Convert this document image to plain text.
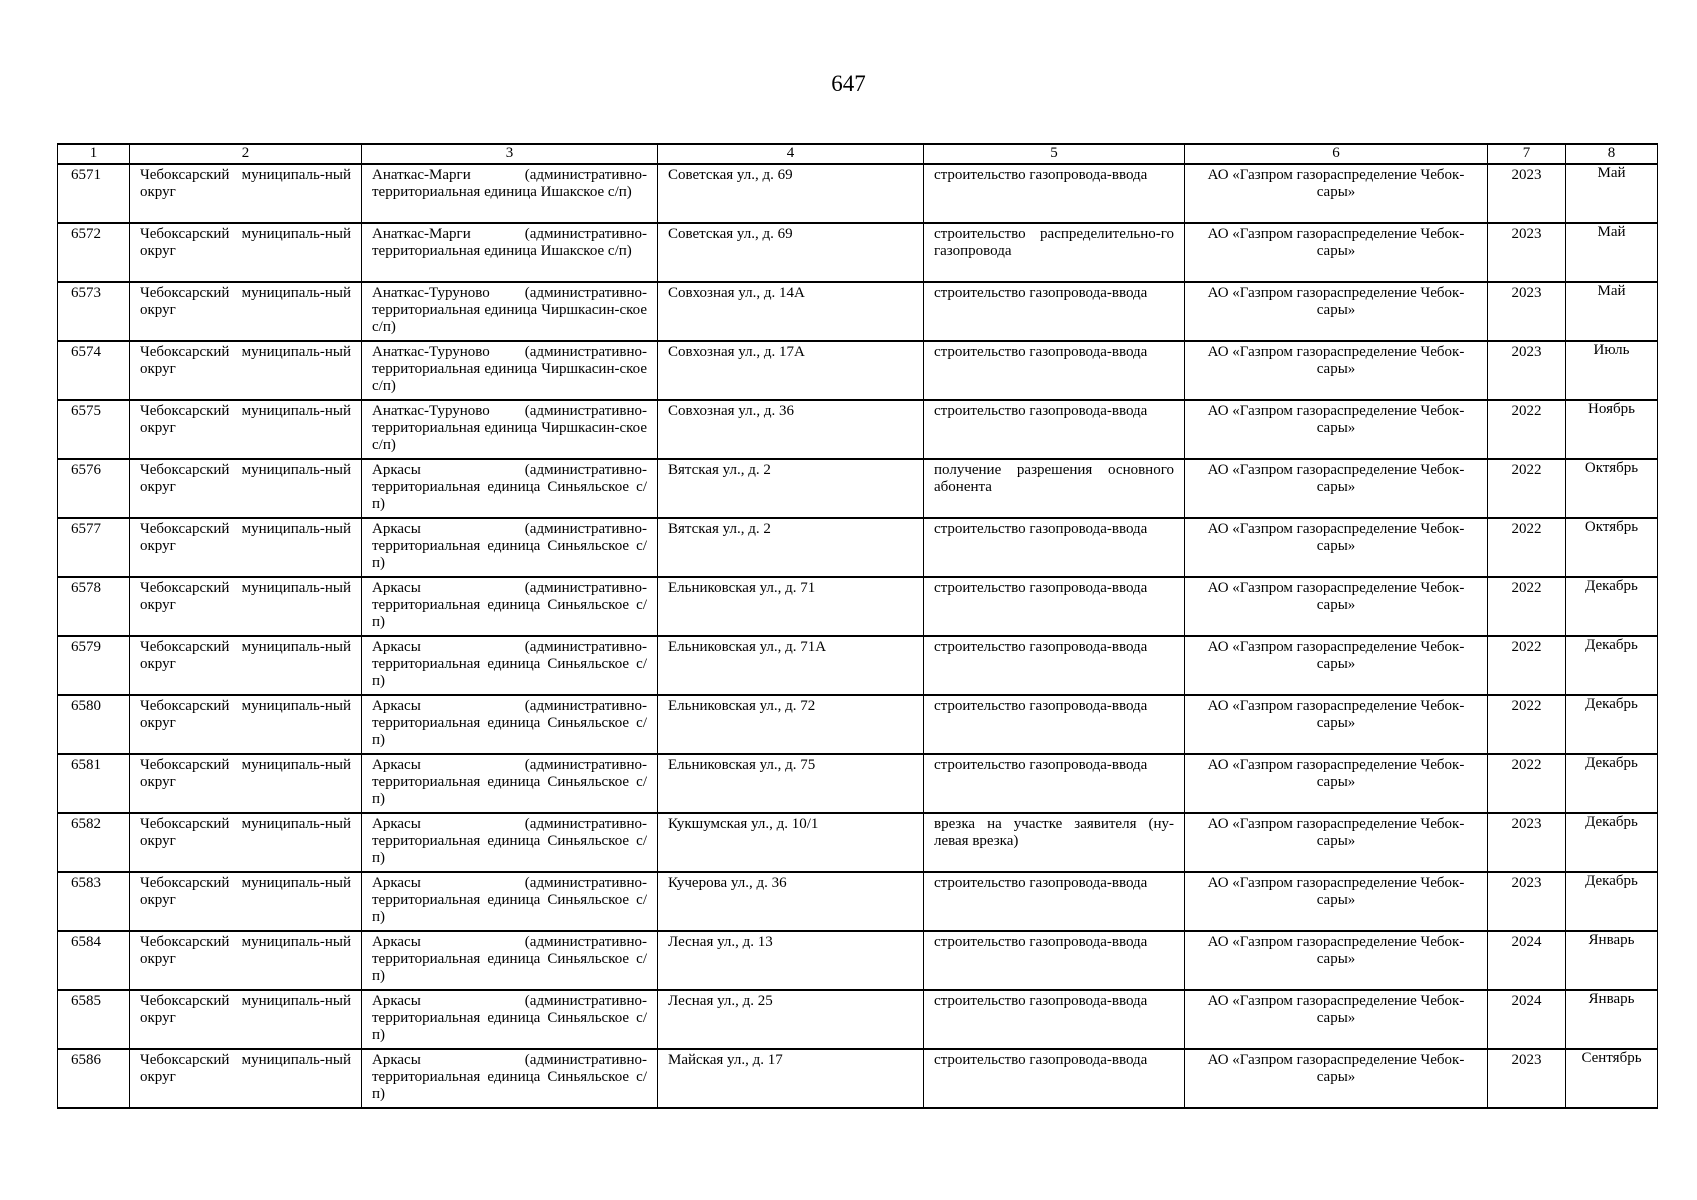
647
1	2	3	4	5	6	7	8
6571	Чебоксарский муниципаль-ный округ	Анаткас-Марги (административно-территориальная единица Ишакское с/п)	Советская ул., д. 69	строительство газопровода-ввода	АО «Газпром газораспределение Чебок-сары»	2023	Май
6572	Чебоксарский муниципаль-ный округ	Анаткас-Марги (административно-территориальная единица Ишакское с/п)	Советская ул., д. 69	строительство распределительно-го газопровода	АО «Газпром газораспределение Чебок-сары»	2023	Май
6573	Чебоксарский муниципаль-ный округ	Анаткас-Туруново (административно-территориальная единица Чиршкасин-ское с/п)	Совхозная ул., д. 14А	строительство газопровода-ввода	АО «Газпром газораспределение Чебок-сары»	2023	Май
6574	Чебоксарский муниципаль-ный округ	Анаткас-Туруново (административно-территориальная единица Чиршкасин-ское с/п)	Совхозная ул., д. 17А	строительство газопровода-ввода	АО «Газпром газораспределение Чебок-сары»	2023	Июль
6575	Чебоксарский муниципаль-ный округ	Анаткас-Туруново (административно-территориальная единица Чиршкасин-ское с/п)	Совхозная ул., д. 36	строительство газопровода-ввода	АО «Газпром газораспределение Чебок-сары»	2022	Ноябрь
6576	Чебоксарский муниципаль-ный округ	Аркасы (административно-территориальная единица Синьяльское с/п)	Вятская ул., д. 2	получение разрешения основного абонента	АО «Газпром газораспределение Чебок-сары»	2022	Октябрь
6577	Чебоксарский муниципаль-ный округ	Аркасы (административно-территориальная единица Синьяльское с/п)	Вятская ул., д. 2	строительство газопровода-ввода	АО «Газпром газораспределение Чебок-сары»	2022	Октябрь
6578	Чебоксарский муниципаль-ный округ	Аркасы (административно-территориальная единица Синьяльское с/п)	Ельниковская ул., д. 71	строительство газопровода-ввода	АО «Газпром газораспределение Чебок-сары»	2022	Декабрь
6579	Чебоксарский муниципаль-ный округ	Аркасы (административно-территориальная единица Синьяльское с/п)	Ельниковская ул., д. 71А	строительство газопровода-ввода	АО «Газпром газораспределение Чебок-сары»	2022	Декабрь
6580	Чебоксарский муниципаль-ный округ	Аркасы (административно-территориальная единица Синьяльское с/п)	Ельниковская ул., д. 72	строительство газопровода-ввода	АО «Газпром газораспределение Чебок-сары»	2022	Декабрь
6581	Чебоксарский муниципаль-ный округ	Аркасы (административно-территориальная единица Синьяльское с/п)	Ельниковская ул., д. 75	строительство газопровода-ввода	АО «Газпром газораспределение Чебок-сары»	2022	Декабрь
6582	Чебоксарский муниципаль-ный округ	Аркасы (административно-территориальная единица Синьяльское с/п)	Кукшумская ул., д. 10/1	врезка на участке заявителя (ну-левая врезка)	АО «Газпром газораспределение Чебок-сары»	2023	Декабрь
6583	Чебоксарский муниципаль-ный округ	Аркасы (административно-территориальная единица Синьяльское с/п)	Кучерова ул., д. 36	строительство газопровода-ввода	АО «Газпром газораспределение Чебок-сары»	2023	Декабрь
6584	Чебоксарский муниципаль-ный округ	Аркасы (административно-территориальная единица Синьяльское с/п)	Лесная ул., д. 13	строительство газопровода-ввода	АО «Газпром газораспределение Чебок-сары»	2024	Январь
6585	Чебоксарский муниципаль-ный округ	Аркасы (административно-территориальная единица Синьяльское с/п)	Лесная ул., д. 25	строительство газопровода-ввода	АО «Газпром газораспределение Чебок-сары»	2024	Январь
6586	Чебоксарский муниципаль-ный округ	Аркасы (административно-территориальная единица Синьяльское с/п)	Майская ул., д. 17	строительство газопровода-ввода	АО «Газпром газораспределение Чебок-сары»	2023	Сентябрь
